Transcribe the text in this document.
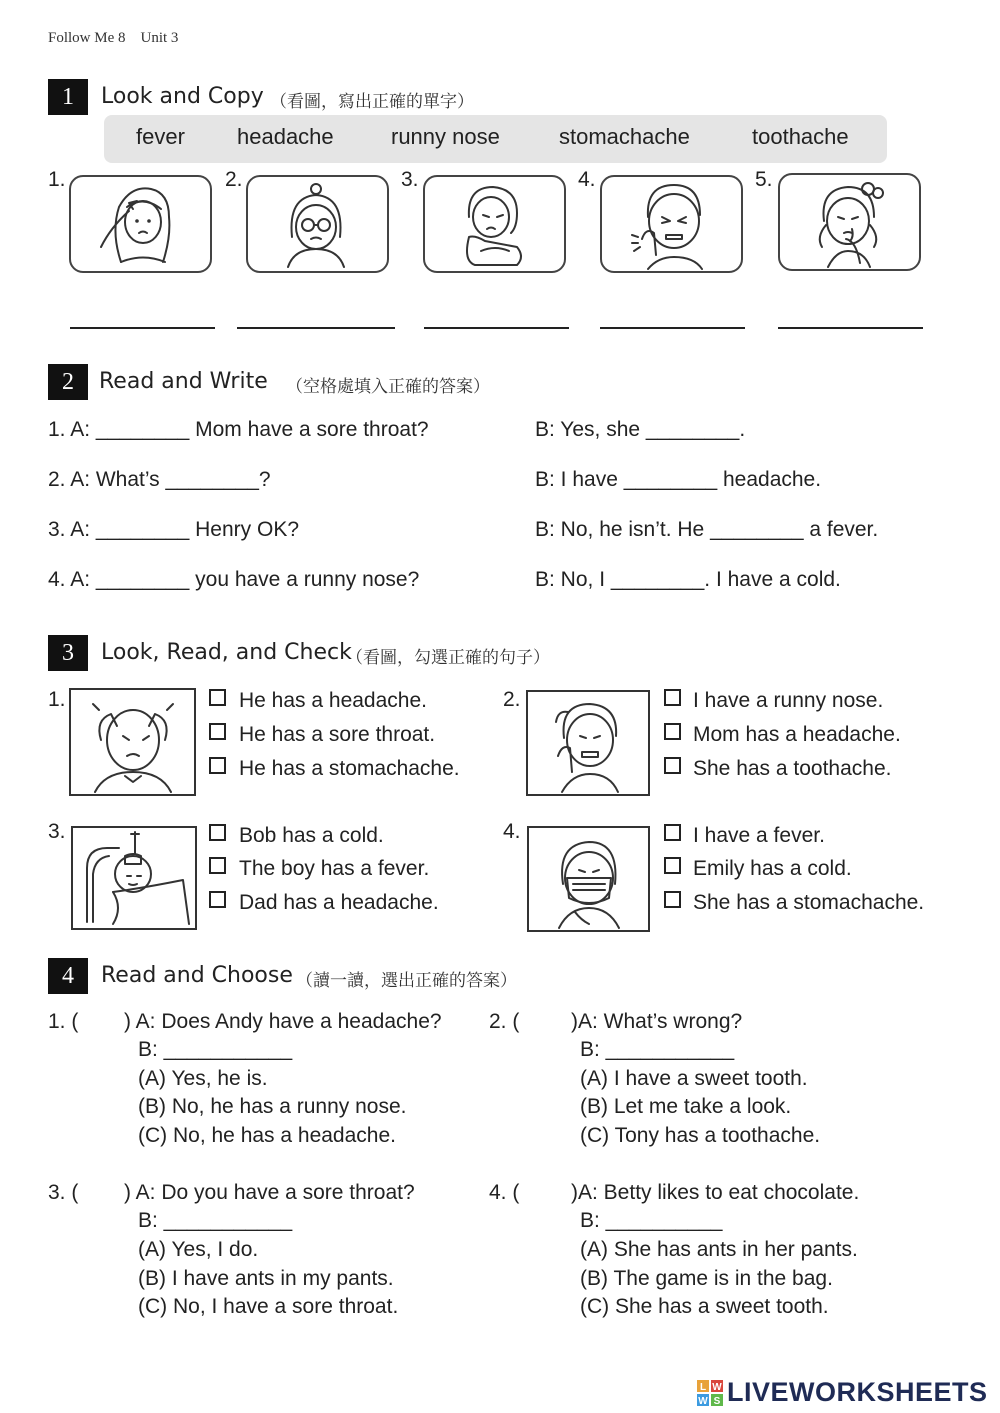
Follow Me 8 Unit 3
1	Look and Copy （看圖，寫出正確的單字）
fever headache	runny nose	stomachache	toothache
1.	2.	3.	4.	5.
2	Read and Write （空格處填入正確的答案）
1. A: ________ Mom have a sore throat?	B: Yes, she ________.
2. A: What’s ________?	B: I have ________ headache.
3. A: ________ Henry OK?	B: No, he isn’t. He ________ a fever.
4. A: ________ you have a runny nose?	B: No, I ________. I have a cold.
3	Look, Read, and Check
（看圖，勾選正確的句子）
1.	He has a headache.
He has a sore throat.
He has a stomachache.
2.	I have a runny nose.
Mom has a headache.
She has a toothache.
3.	Bob has a cold.
The boy has a fever.
Dad has a headache.
4.	I have a fever.
Emily has a cold.
She has a stomachache.
4	Read and Choose （讀一讀，選出正確的答案）
1. ( ) A: Does Andy have a headache?
B: ___________
(A) Yes, he is.
(B) No, he has a runny nose.
(C) No, he has a headache.
2. ( )A: What’s wrong?
B: ___________
(A) I have a sweet tooth.
(B) Let me take a look.
(C) Tony has a toothache.
3. ( ) A: Do you have a sore throat?
B: ___________
(A) Yes, I do.
(B) I have ants in my pants.
(C) No, I have a sore throat.
4. ( )A: Betty likes to eat chocolate.
B: __________
(A) She has ants in her pants.
(B) The game is in the bag.
(C) She has a sweet tooth.
L W
W S LIVEWORKSHEETS
